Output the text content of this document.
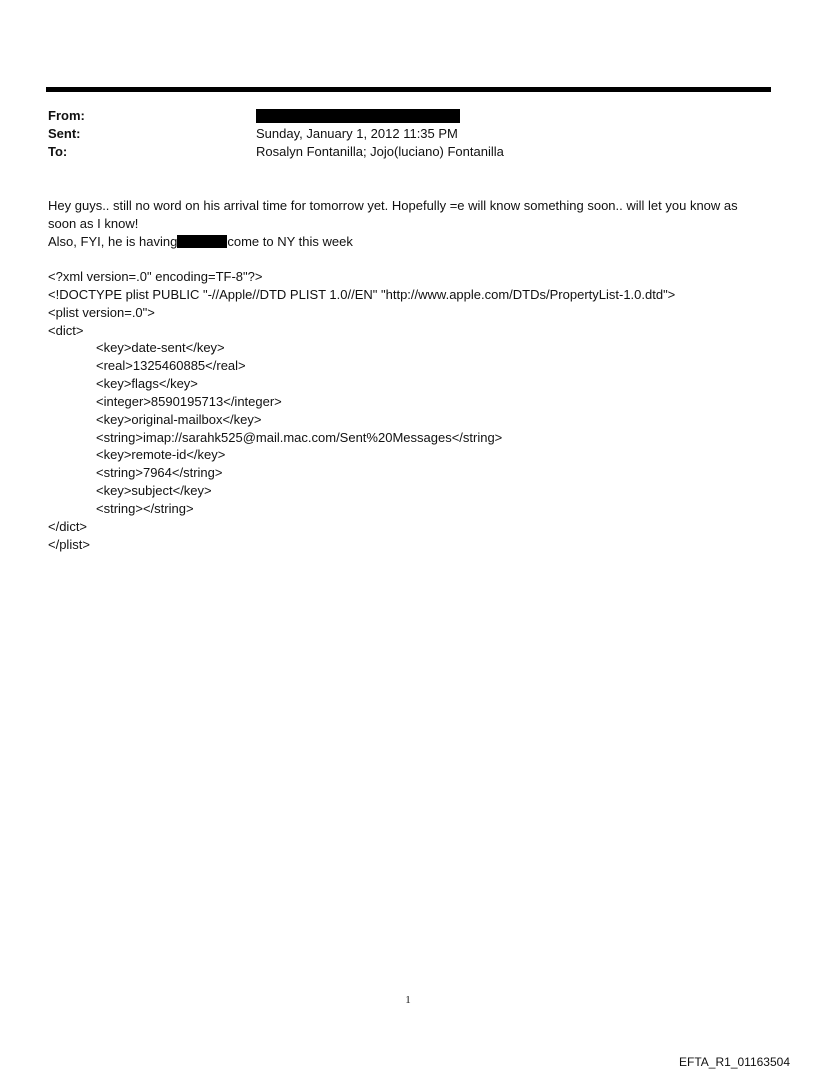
From:
Sent:	Sunday, January 1, 2012 11:35 PM
To:	Rosalyn Fontanilla; Jojo(luciano) Fontanilla

Hey guys.. still no word on his arrival time for tomorrow yet. Hopefully =e will know something soon.. will let you know as soon as I know!

Also, FYI, he is having	come to NY this week

<?xml version=.0" encoding=TF-8"?>
<!DOCTYPE plist PUBLIC "-//Apple//DTD PLIST 1.0//EN" "http://www.apple.com/DTDs/PropertyList-1.0.dtd">
<plist version=.0">
<dict>
<key>date-sent</key>
<real>1325460885</real>
<key>flags</key>
<integer>8590195713</integer>
<key>original-mailbox</key>
<string>imap://sarahk525@mail.mac.com/Sent%20Messages</string>
<key>remote-id</key>
<string>7964</string>
<key>subject</key>
<string></string>
</dict>
</plist>
1
EFTA_R1_01163504
